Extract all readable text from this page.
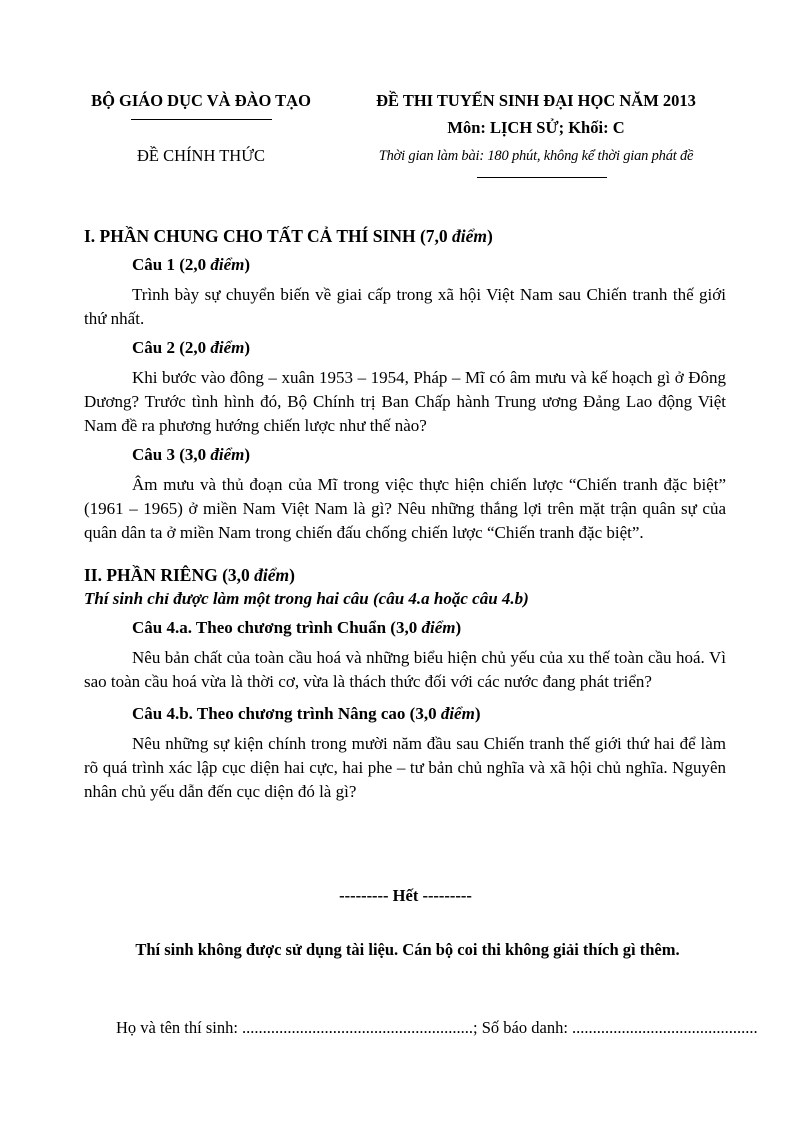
BỘ GIÁO DỤC VÀ ĐÀO TẠO
ĐỀ CHÍNH THỨC
ĐỀ THI TUYỂN SINH ĐẠI HỌC NĂM 2013
Môn: LỊCH SỬ; Khối: C
Thời gian làm bài: 180 phút, không kể thời gian phát đề
I. PHẦN CHUNG CHO TẤT CẢ THÍ SINH (7,0 điểm)
Câu 1 (2,0 điểm)

Trình bày sự chuyển biến về giai cấp trong xã hội Việt Nam sau Chiến tranh thế giới thứ nhất.

Câu 2 (2,0 điểm)

Khi bước vào đông – xuân 1953 – 1954, Pháp – Mĩ có âm mưu và kế hoạch gì ở Đông Dương? Trước tình hình đó, Bộ Chính trị Ban Chấp hành Trung ương Đảng Lao động Việt Nam đề ra phương hướng chiến lược như thế nào?

Câu 3 (3,0 điểm)

Âm mưu và thủ đoạn của Mĩ trong việc thực hiện chiến lược “Chiến tranh đặc biệt” (1961 – 1965) ở miền Nam Việt Nam là gì? Nêu những thắng lợi trên mặt trận quân sự của quân dân ta ở miền Nam trong chiến đấu chống chiến lược “Chiến tranh đặc biệt”.

II. PHẦN RIÊNG (3,0 điểm)
Thí sinh chỉ được làm một trong hai câu (câu 4.a hoặc câu 4.b)
Câu 4.a. Theo chương trình Chuẩn (3,0 điểm)

Nêu bản chất của toàn cầu hoá và những biểu hiện chủ yếu của xu thế toàn cầu hoá. Vì sao toàn cầu hoá vừa là thời cơ, vừa là thách thức đối với các nước đang phát triển?

Câu 4.b. Theo chương trình Nâng cao (3,0 điểm)

Nêu những sự kiện chính trong mười năm đầu sau Chiến tranh thế giới thứ hai để làm rõ quá trình xác lập cục diện hai cực, hai phe – tư bản chủ nghĩa và xã hội chủ nghĩa. Nguyên nhân chủ yếu dẫn đến cục diện đó là gì?

--------- Hết ---------
Thí sinh không được sử dụng tài liệu. Cán bộ coi thi không giải thích gì thêm.
Họ và tên thí sinh: ........................................................; Số báo danh: .............................................
